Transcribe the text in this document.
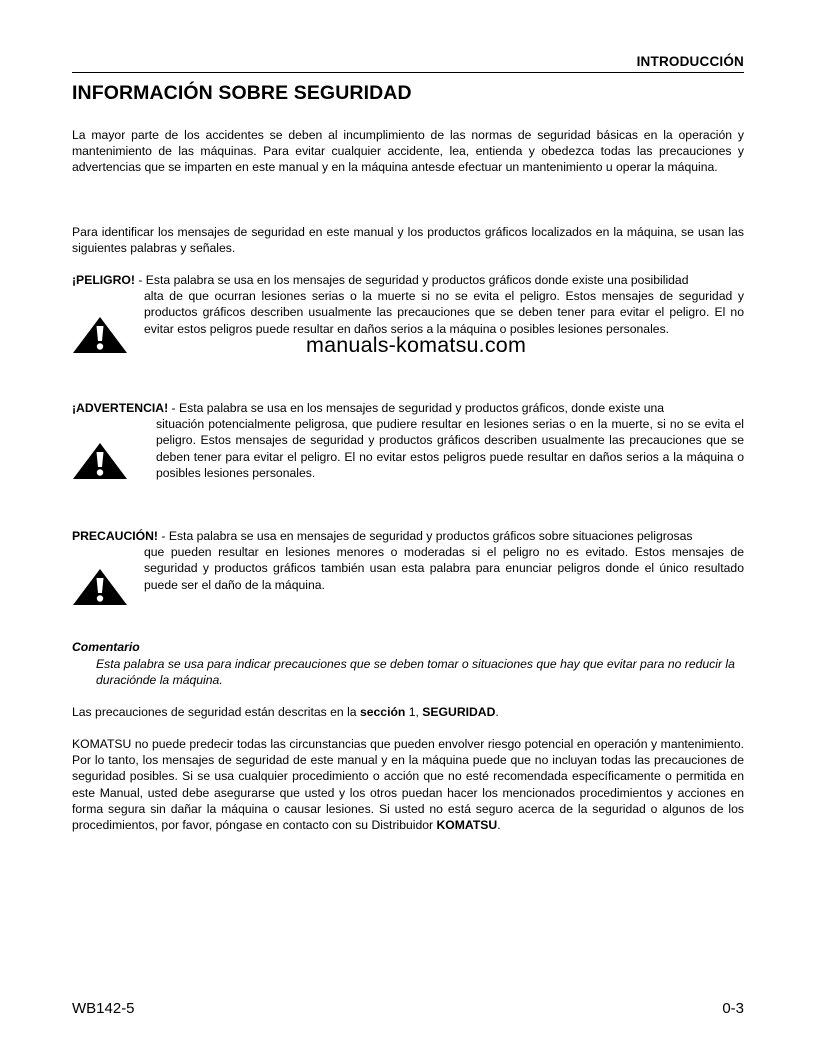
INTRODUCCIÓN
INFORMACIÓN SOBRE SEGURIDAD

La mayor parte de los accidentes se deben al incumplimiento de las normas de seguridad básicas en la operación y mantenimiento de las máquinas. Para evitar cualquier accidente, lea, entienda y obedezca todas las precauciones y advertencias que se imparten en este manual y en la máquina antesde efectuar un mantenimiento u operar la máquina.

Para identificar los mensajes de seguridad en este manual y los productos gráficos localizados en la máquina, se usan las siguientes palabras y señales.

¡PELIGRO! - Esta palabra se usa en los mensajes de seguridad y productos gráficos donde existe una posibilidad

alta de que ocurran lesiones serias o la muerte si no se evita el peligro. Estos mensajes de seguridad y productos gráficos describen usualmente las precauciones que se deben tener para evitar el peligro. El no evitar estos peligros puede resultar en daños serios a la máquina o posibles lesiones personales.

manuals-komatsu.com

¡ADVERTENCIA! - Esta palabra se usa en los mensajes de seguridad y productos gráficos, donde existe una

situación potencialmente peligrosa, que pudiere resultar en lesiones serias o en la muerte, si no se evita el peligro. Estos mensajes de seguridad y productos gráficos describen usualmente las precauciones que se deben tener para evitar el peligro. El no evitar estos peligros puede resultar en daños serios a la máquina o posibles lesiones personales.

PRECAUCIÓN! - Esta palabra se usa en mensajes de seguridad y productos gráficos sobre situaciones peligrosas

que pueden resultar en lesiones menores o moderadas si el peligro no es evitado. Estos mensajes de seguridad y productos gráficos también usan esta palabra para enunciar peligros donde el único resultado puede ser el daño de la máquina.

Comentario

Esta palabra se usa para indicar precauciones que se deben tomar o situaciones que hay que evitar para no reducir la duraciónde la máquina.

Las precauciones de seguridad están descritas en la sección 1, SEGURIDAD.

KOMATSU no puede predecir todas las circunstancias que pueden envolver riesgo potencial en operación y mantenimiento. Por lo tanto, los mensajes de seguridad de este manual y en la máquina puede que no incluyan todas las precauciones de seguridad posibles. Si se usa cualquier procedimiento o acción que no esté recomendada específicamente o permitida en este Manual, usted debe asegurarse que usted y los otros puedan hacer los mencionados procedimientos y acciones en forma segura sin dañar la máquina o causar lesiones. Si usted no está seguro acerca de la seguridad o algunos de los procedimientos, por favor, póngase en contacto con su Distribuidor KOMATSU.

WB142-5	0-3
